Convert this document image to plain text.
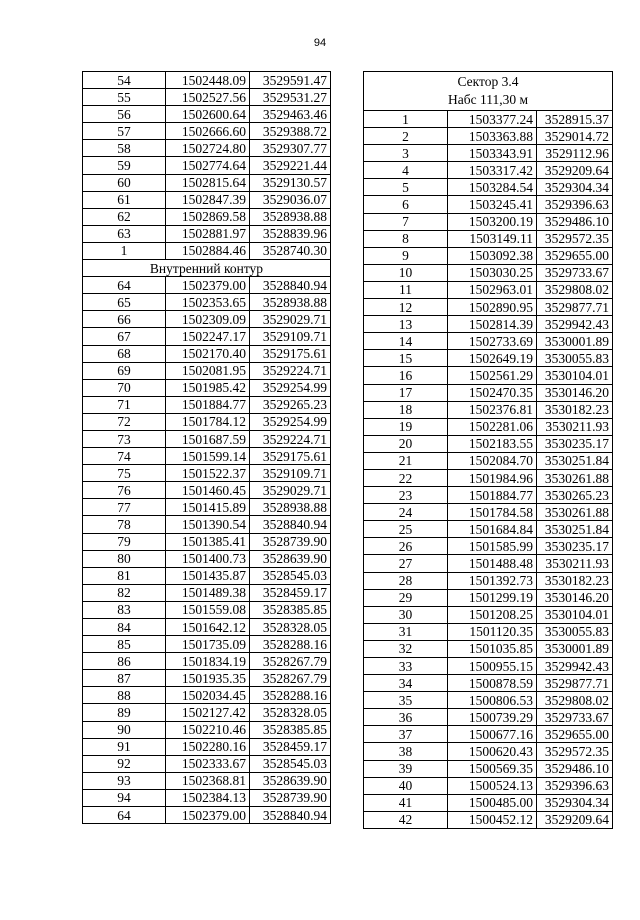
94
54	1502448.09	3529591.47
55	1502527.56	3529531.27
56	1502600.64	3529463.46
57	1502666.60	3529388.72
58	1502724.80	3529307.77
59	1502774.64	3529221.44
60	1502815.64	3529130.57
61	1502847.39	3529036.07
62	1502869.58	3528938.88
63	1502881.97	3528839.96
1	1502884.46	3528740.30
Внутренний контур		
64	1502379.00	3528840.94
65	1502353.65	3528938.88
66	1502309.09	3529029.71
67	1502247.17	3529109.71
68	1502170.40	3529175.61
69	1502081.95	3529224.71
70	1501985.42	3529254.99
71	1501884.77	3529265.23
72	1501784.12	3529254.99
73	1501687.59	3529224.71
74	1501599.14	3529175.61
75	1501522.37	3529109.71
76	1501460.45	3529029.71
77	1501415.89	3528938.88
78	1501390.54	3528840.94
79	1501385.41	3528739.90
80	1501400.73	3528639.90
81	1501435.87	3528545.03
82	1501489.38	3528459.17
83	1501559.08	3528385.85
84	1501642.12	3528328.05
85	1501735.09	3528288.16
86	1501834.19	3528267.79
87	1501935.35	3528267.79
88	1502034.45	3528288.16
89	1502127.42	3528328.05
90	1502210.46	3528385.85
91	1502280.16	3528459.17
92	1502333.67	3528545.03
93	1502368.81	3528639.90
94	1502384.13	3528739.90
64	1502379.00	3528840.94
Сектор 3.4
Набс 111,30 м		

1	1503377.24	3528915.37
2	1503363.88	3529014.72
3	1503343.91	3529112.96
4	1503317.42	3529209.64
5	1503284.54	3529304.34
6	1503245.41	3529396.63
7	1503200.19	3529486.10
8	1503149.11	3529572.35
9	1503092.38	3529655.00
10	1503030.25	3529733.67
11	1502963.01	3529808.02
12	1502890.95	3529877.71
13	1502814.39	3529942.43
14	1502733.69	3530001.89
15	1502649.19	3530055.83
16	1502561.29	3530104.01
17	1502470.35	3530146.20
18	1502376.81	3530182.23
19	1502281.06	3530211.93
20	1502183.55	3530235.17
21	1502084.70	3530251.84
22	1501984.96	3530261.88
23	1501884.77	3530265.23
24	1501784.58	3530261.88
25	1501684.84	3530251.84
26	1501585.99	3530235.17
27	1501488.48	3530211.93
28	1501392.73	3530182.23
29	1501299.19	3530146.20
30	1501208.25	3530104.01
31	1501120.35	3530055.83
32	1501035.85	3530001.89
33	1500955.15	3529942.43
34	1500878.59	3529877.71
35	1500806.53	3529808.02
36	1500739.29	3529733.67
37	1500677.16	3529655.00
38	1500620.43	3529572.35
39	1500569.35	3529486.10
40	1500524.13	3529396.63
41	1500485.00	3529304.34
42	1500452.12	3529209.64
